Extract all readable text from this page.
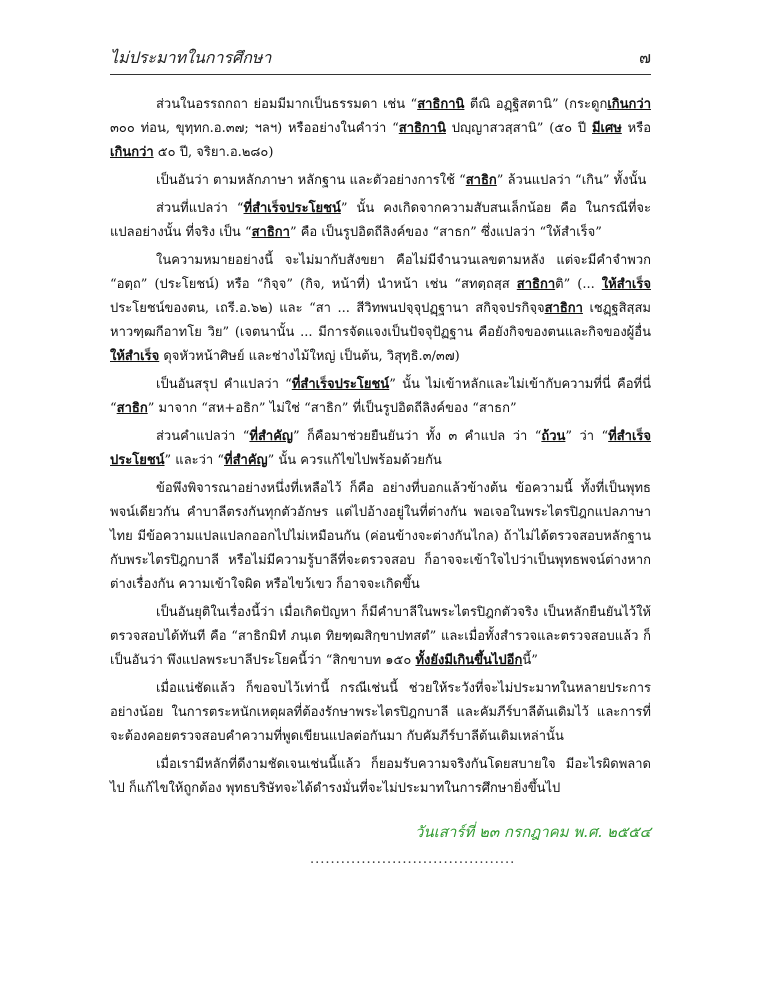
ไม่ประมาทในการศึกษา	๗

ส่วนในอรรถกถา ย่อมมีมากเป็นธรรมดา เช่น “สาธิกานิ ตีณิ อฏฺฐิสตานิ” (กระดูกเกินกว่า ๓๐๐ ท่อน, ขุทฺทก.อ.๓๗; ฯลฯ) หรืออย่างในคำว่า “สาธิกานิ ปญฺญาสวสฺสานิ” (๕๐ ปี มีเศษ หรือ เกินกว่า ๕๐ ปี, จริยา.อ.๒๘๐)

เป็นอันว่า ตามหลักภาษา หลักฐาน และตัวอย่างการใช้ “สาธิก” ล้วนแปลว่า “เกิน” ทั้งนั้น

ส่วนที่แปลว่า “ที่สำเร็จประโยชน์” นั้น คงเกิดจากความสับสนเล็กน้อย คือ ในกรณีที่จะแปลอย่างนั้น ที่จริง เป็น “สาธิกา” คือ เป็นรูปอิตถีลิงค์ของ “สาธก” ซึ่งแปลว่า “ให้สำเร็จ”

ในความหมายอย่างนี้ จะไม่มากับสังขยา คือไม่มีจำนวนเลขตามหลัง แต่จะมีคำจำพวก “อตฺถ” (ประโยชน์) หรือ “กิจฺจ” (กิจ, หน้าที่) นำหน้า เช่น “สทตฺถสฺส สาธิกาติ” (... ให้สำเร็จประโยชน์ของตน, เถรี.อ.๖๒) และ “สา ... สีวิทพนปจฺจุปฏฺฐานา สกิจฺจปรกิจฺจสาธิกา เชฏฺฐสิสฺสมหาวฑฺฒกีอาทโย วิย” (เจตนานั้น ... มีการจัดแจงเป็นปัจจุปัฏฐาน คือยังกิจของตนและกิจของผู้อื่นให้สำเร็จ ดุจหัวหน้าศิษย์ และช่างไม้ใหญ่ เป็นต้น, วิสุทฺธิ.๓/๓๗)

เป็นอันสรุป คำแปลว่า “ที่สำเร็จประโยชน์” นั้น ไม่เข้าหลักและไม่เข้ากับความที่นี่ คือที่นี่ “สาธิก” มาจาก “สห+อธิก” ไม่ใช่ “สาธิก” ที่เป็นรูปอิตถีลิงค์ของ “สาธก”

ส่วนคำแปลว่า “ที่สำคัญ” ก็คือมาช่วยยืนยันว่า ทั้ง ๓ คำแปล ว่า “ถ้วน” ว่า “ที่สำเร็จประโยชน์” และว่า “ที่สำคัญ” นั้น ควรแก้ไขไปพร้อมด้วยกัน

ข้อพึงพิจารณาอย่างหนึ่งที่เหลือไว้ ก็คือ อย่างที่บอกแล้วข้างต้น ข้อความนี้ ทั้งที่เป็นพุทธพจน์เดียวกัน คำบาลีตรงกันทุกตัวอักษร แต่ไปอ้างอยู่ในที่ต่างกัน พอเจอในพระไตรปิฎกแปลภาษาไทย มีข้อความแปลแปลกออกไปไม่เหมือนกัน (ค่อนข้างจะต่างกันไกล) ถ้าไม่ได้ตรวจสอบหลักฐานกับพระไตรปิฎกบาลี หรือไม่มีความรู้บาลีที่จะตรวจสอบ ก็อาจจะเข้าใจไปว่าเป็นพุทธพจน์ต่างหากต่างเรื่องกัน ความเข้าใจผิด หรือไขว้เขว ก็อาจจะเกิดขึ้น

เป็นอันยุติในเรื่องนี้ว่า เมื่อเกิดปัญหา ก็มีคำบาลีในพระไตรปิฎกตัวจริง เป็นหลักยืนยันไว้ให้ตรวจสอบได้ทันที คือ “สาธิกมิทํ ภนฺเต ทิยฑฺฒสิกฺขาปทสตํ” และเมื่อทั้งสำรวจและตรวจสอบแล้ว ก็เป็นอันว่า พึงแปลพระบาลีประโยคนี้ว่า “สิกขาบท ๑๕๐ ทั้งยังมีเกินขึ้นไปอีกนี้”

เมื่อแน่ชัดแล้ว ก็ขอจบไว้เท่านี้ กรณีเช่นนี้ ช่วยให้ระวังที่จะไม่ประมาทในหลายประการอย่างน้อย ในการตระหนักเหตุผลที่ต้องรักษาพระไตรปิฎกบาลี และคัมภีร์บาลีต้นเดิมไว้ และการที่จะต้องคอยตรวจสอบคำความที่พูดเขียนแปลต่อกันมา กับคัมภีร์บาลีต้นเดิมเหล่านั้น

เมื่อเรามีหลักที่ดีงามชัดเจนเช่นนี้แล้ว ก็ยอมรับความจริงกันโดยสบายใจ มีอะไรผิดพลาดไป ก็แก้ไขให้ถูกต้อง พุทธบริษัทจะได้ดำรงมั่นที่จะไม่ประมาทในการศึกษายิ่งขึ้นไป

วันเสาร์ที่ ๒๓ กรกฎาคม พ.ศ. ๒๕๕๔
........................................
